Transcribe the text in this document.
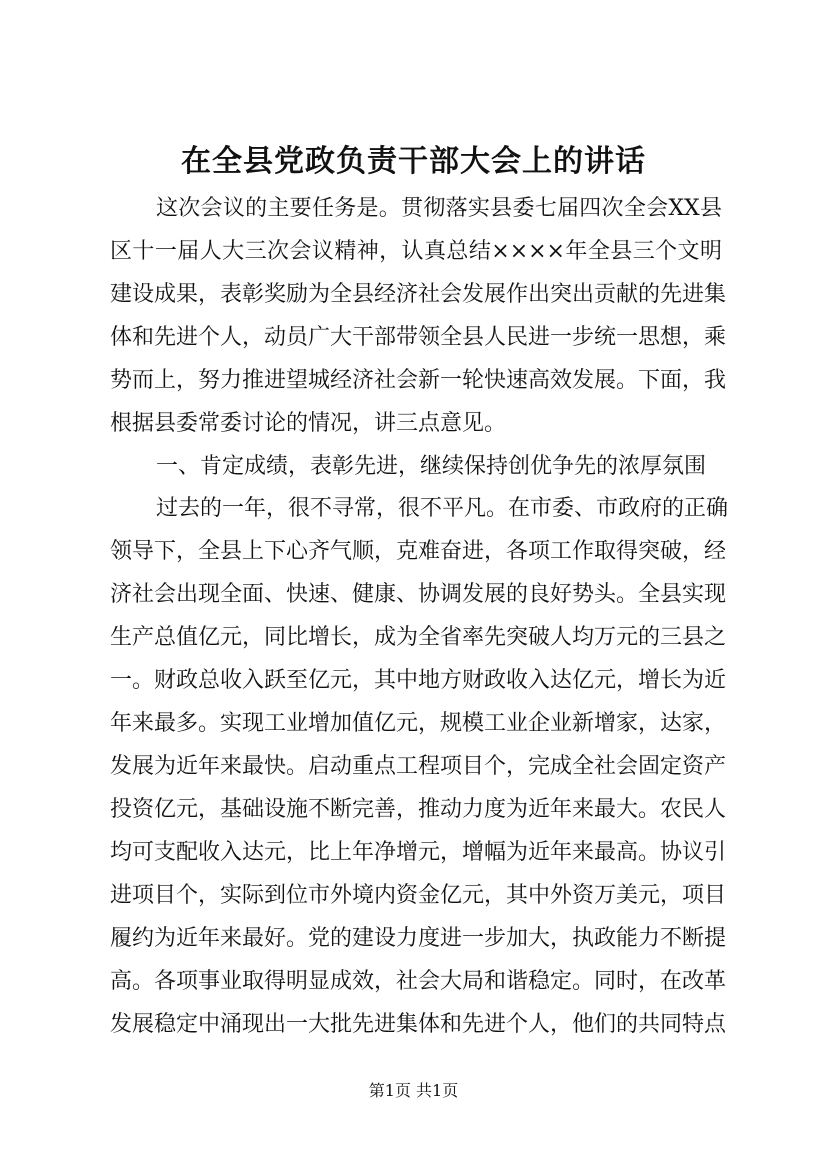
在全县党政负责干部大会上的讲话

这次会议的主要任务是。贯彻落实县委七届四次全会XX县

区十一届人大三次会议精神，认真总结××××年全县三个文明

建设成果，表彰奖励为全县经济社会发展作出突出贡献的先进集

体和先进个人，动员广大干部带领全县人民进一步统一思想，乘

势而上，努力推进望城经济社会新一轮快速高效发展。下面，我

根据县委常委讨论的情况，讲三点意见。

一、肯定成绩，表彰先进，继续保持创优争先的浓厚氛围

过去的一年，很不寻常，很不平凡。在市委、市政府的正确

领导下，全县上下心齐气顺，克难奋进，各项工作取得突破，经

济社会出现全面、快速、健康、协调发展的良好势头。全县实现

生产总值亿元，同比增长，成为全省率先突破人均万元的三县之

一。财政总收入跃至亿元，其中地方财政收入达亿元，增长为近

年来最多。实现工业增加值亿元，规模工业企业新增家，达家，

发展为近年来最快。启动重点工程项目个，完成全社会固定资产

投资亿元，基础设施不断完善，推动力度为近年来最大。农民人

均可支配收入达元，比上年净增元，增幅为近年来最高。协议引

进项目个，实际到位市外境内资金亿元，其中外资万美元，项目

履约为近年来最好。党的建设力度进一步加大，执政能力不断提

高。各项事业取得明显成效，社会大局和谐稳定。同时，在改革

发展稳定中涌现出一大批先进集体和先进个人，他们的共同特点

第1页 共1页
